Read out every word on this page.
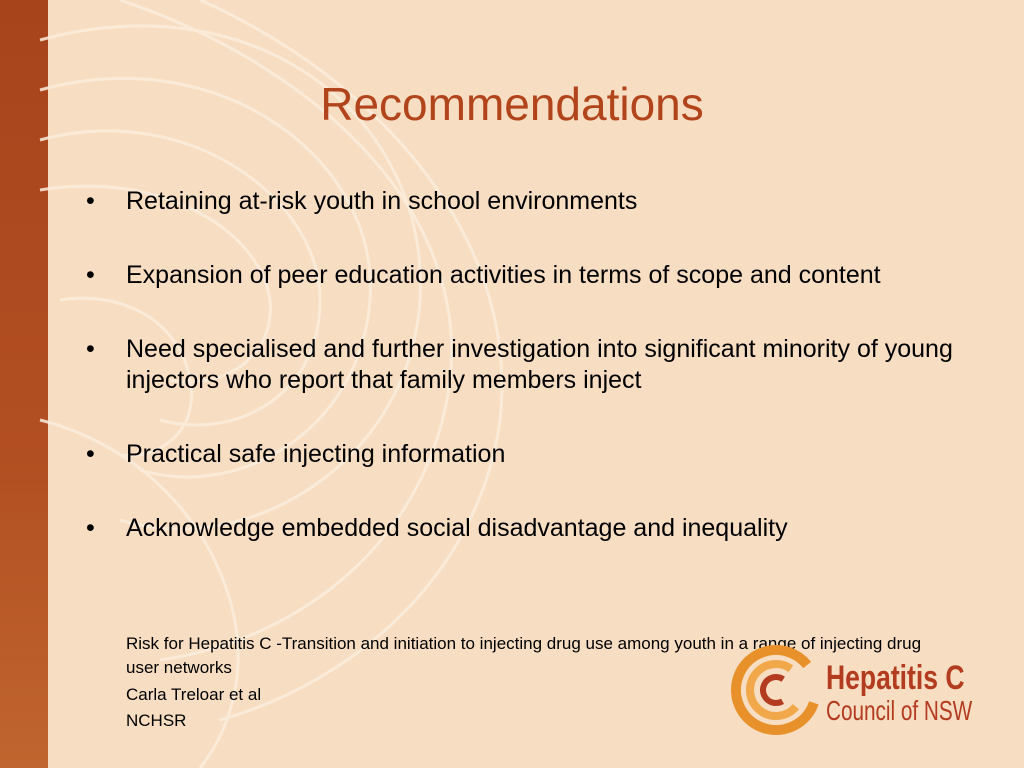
Recommendations
• Retaining at-risk youth in school environments
• Expansion of peer education activities in terms of scope and content
• Need specialised and further investigation into significant minority of young injectors who report that family members inject
• Practical safe injecting information
• Acknowledge embedded social disadvantage and inequality
Risk for Hepatitis C -Transition and initiation to injecting drug use among youth in a range of injecting drug user networks
Carla Treloar et al
NCHSR
Hepatitis C
Council of NSW
